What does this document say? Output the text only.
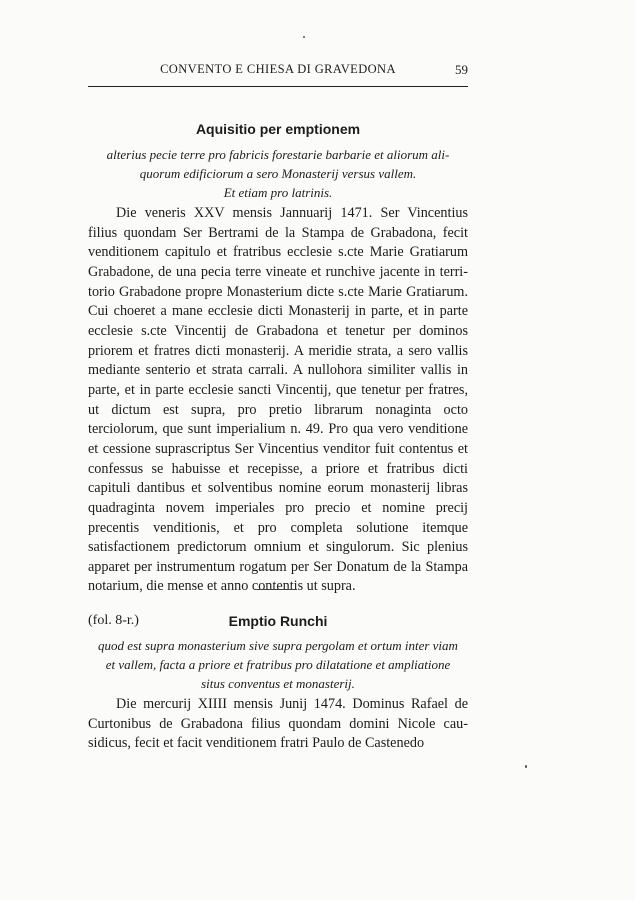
CONVENTO E CHIESA DI GRAVEDONA	59
Aquisitio per emptionem
alterius pecie terre pro fabricis forestarie barbarie et aliorum ali-
quorum edificiorum a sero Monasterij versus vallem.
Et etiam pro latrinis.

Die veneris XXV mensis Jannuarij 1471. Ser Vincentius filius quondam Ser Bertrami de la Stampa de Grabadona, fecit venditionem capitulo et fratribus ecclesie s.cte Marie Gratiarum Grabadone, de una pecia terre vineate et runchive jacente in territorio Grabadone propre Monasterium dicte s.cte Marie Gratiarum. Cui choeret a mane ecclesie dicti Monasterij in parte, et in parte ecclesie s.cte Vincentij de Grabadona et tenetur per dominos priorem et fratres dicti monasterij. A meridie strata, a sero vallis mediante senterio et strata carrali. A nullohora similiter vallis in parte, et in parte ecclesie sancti Vincentij, que tenetur per fratres, ut dictum est supra, pro pretio librarum nonaginta octo terciolorum, que sunt imperialium n. 49. Pro qua vero venditione et cessione suprascriptus Ser Vincentius venditor fuit contentus et confessus se habuisse et recepisse, a priore et fratribus dicti capituli dantibus et solventibus nomine eorum monasterij libras quadraginta novem imperiales pro precio et nomine precij precentis venditionis, et pro completa solutione itemque satisfactionem predictorum omnium et singulorum. Sic plenius apparet per instrumentum rogatum per Ser Donatum de la Stampa notarium, die mense et anno contentis ut supra.

(fol. 8-r.)	Emptio Runchi
quod est supra monasterium sive supra pergolam et ortum inter viam
et vallem, facta a priore et fratribus pro dilatatione et ampliatione
situs conventus et monasterij.

Die mercurij XIIII mensis Junij 1474. Dominus Rafael de Curtonibus de Grabadona filius quondam domini Nicole causidicus, fecit et facit venditionem fratri Paulo de Castenedo
